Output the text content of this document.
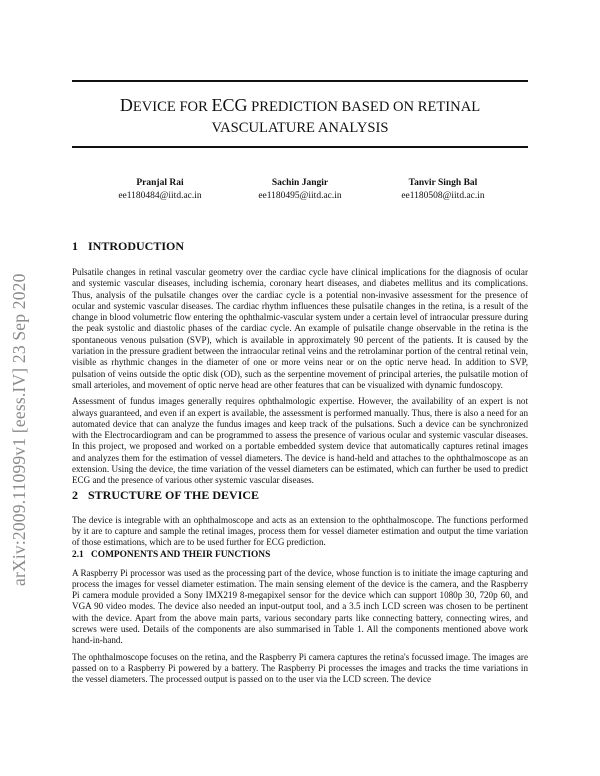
arXiv:2009.11099v1 [eess.IV] 23 Sep 2020
DEVICE FOR ECG PREDICTION BASED ON RETINAL
VASCULATURE ANALYSIS
Pranjal Rai
ee1180484@iitd.ac.in
Sachin Jangir
ee1180495@iitd.ac.in
Tanvir Singh Bal
ee1180508@iitd.ac.in
1 INTRODUCTION

Pulsatile changes in retinal vascular geometry over the cardiac cycle have clinical implications for the diagnosis of ocular and systemic vascular diseases, including ischemia, coronary heart diseases, and diabetes mellitus and its complications. Thus, analysis of the pulsatile changes over the cardiac cycle is a potential non-invasive assessment for the presence of ocular and systemic vascular diseases. The cardiac rhythm influences these pulsatile changes in the retina, is a result of the change in blood volumetric flow entering the ophthalmic-vascular system under a certain level of intraocular pressure during the peak systolic and diastolic phases of the cardiac cycle. An example of pulsatile change observable in the retina is the spontaneous venous pulsation (SVP), which is available in approximately 90 percent of the patients. It is caused by the variation in the pressure gradient between the intraocular retinal veins and the retrolaminar portion of the central retinal vein, visible as rhythmic changes in the diameter of one or more veins near or on the optic nerve head. In addition to SVP, pulsation of veins outside the optic disk (OD), such as the serpentine movement of principal arteries, the pulsatile motion of small arterioles, and movement of optic nerve head are other features that can be visualized with dynamic fundoscopy.

Assessment of fundus images generally requires ophthalmologic expertise. However, the availability of an expert is not always guaranteed, and even if an expert is available, the assessment is performed manually. Thus, there is also a need for an automated device that can analyze the fundus images and keep track of the pulsations. Such a device can be synchronized with the Electrocardiogram and can be programmed to assess the presence of various ocular and systemic vascular diseases. In this project, we proposed and worked on a portable embedded system device that automatically captures retinal images and analyzes them for the estimation of vessel diameters. The device is hand-held and attaches to the ophthalmoscope as an extension. Using the device, the time variation of the vessel diameters can be estimated, which can further be used to predict ECG and the presence of various other systemic vascular diseases.

2 STRUCTURE OF THE DEVICE

The device is integrable with an ophthalmoscope and acts as an extension to the ophthalmoscope. The functions performed by it are to capture and sample the retinal images, process them for vessel diameter estimation and output the time variation of those estimations, which are to be used further for ECG prediction.

2.1 COMPONENTS AND THEIR FUNCTIONS

A Raspberry Pi processor was used as the processing part of the device, whose function is to initiate the image capturing and process the images for vessel diameter estimation. The main sensing element of the device is the camera, and the Raspberry Pi camera module provided a Sony IMX219 8-megapixel sensor for the device which can support 1080p 30, 720p 60, and VGA 90 video modes. The device also needed an input-output tool, and a 3.5 inch LCD screen was chosen to be pertinent with the device. Apart from the above main parts, various secondary parts like connecting battery, connecting wires, and screws were used. Details of the components are also summarised in Table 1. All the components mentioned above work hand-in-hand.

The ophthalmoscope focuses on the retina, and the Raspberry Pi camera captures the retina's focussed image. The images are passed on to a Raspberry Pi powered by a battery. The Raspberry Pi processes the images and tracks the time variations in the vessel diameters. The processed output is passed on to the user via the LCD screen. The device
